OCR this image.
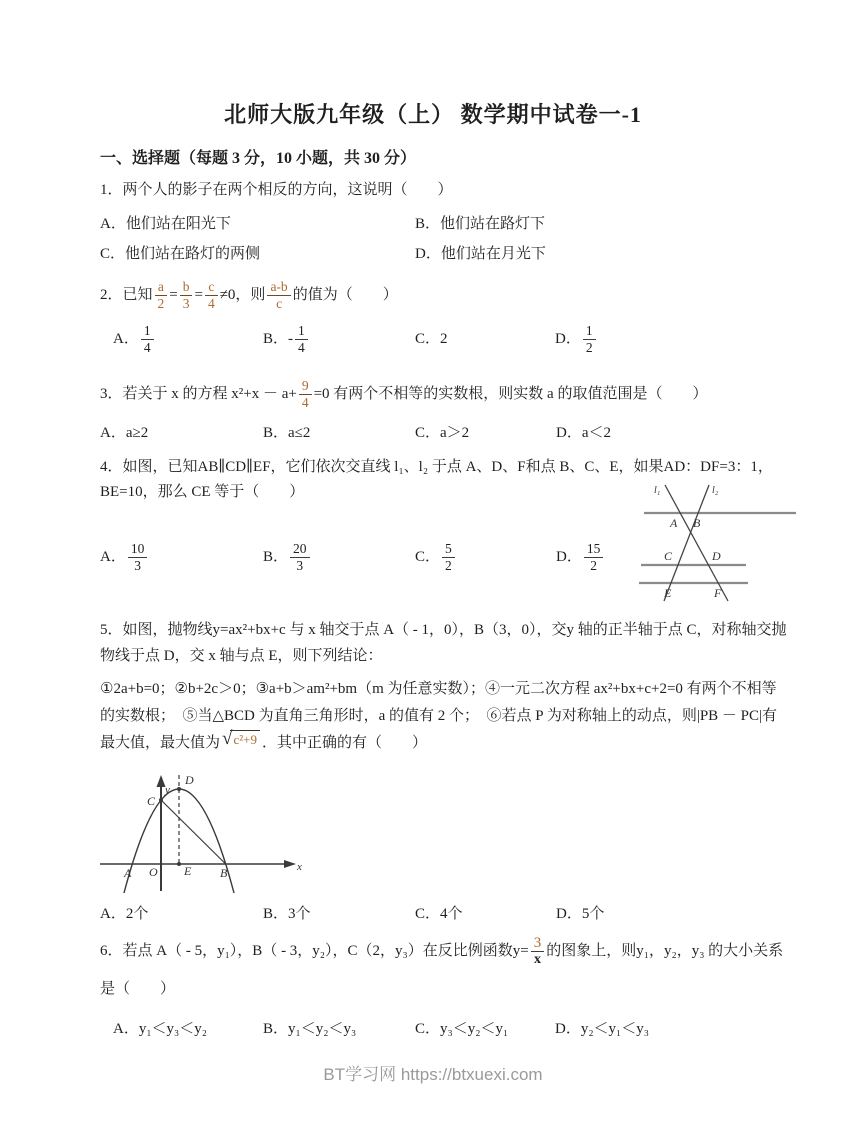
北师大版九年级（上） 数学期中试卷一-1
一、选择题（每题 3 分，10 小题，共 30 分）

1．两个人的影子在两个相反的方向，这说明（　　）

A．他们站在阳光下	B．他们站在路灯下
C．他们站在路灯的两侧	D．他们站在月光下

2．已知 $\frac{a}{2} = \frac{b}{3} = \frac{c}{4} \ne 0$，则 $\frac{a-b}{c}$ 的值为（　　）

A． $\frac{1}{4}$	B．- $\frac{1}{4}$	C．2	D． $\frac{1}{2}$

3．若关于 x 的方程 $x^2+x - a+ \frac{9}{4} =0$ 有两个不相等的实数根，则实数 a 的取值范围是（　　）

A．a≥2	B．a≤2	C．a＞2	D．a＜2

4．如图，已知AB∥CD∥EF，它们依次交直线 l₁、l₂ 于点 A、D、F和点 B、C、E，如果AD：DF=3：1，BE=10，那么 CE 等于（　　）

A． $\frac{10}{3}$	B． $\frac{20}{3}$	C． $\frac{5}{2}$	D． $\frac{15}{2}$
l₁	l₂
A B
C	D
E	F

5．如图，抛物线y=ax²+bx+c 与 x 轴交于点 A（ - 1，0），B（3，0），交y 轴的正半轴于点 C，对称轴交抛物线于点 D，交 x 轴与点 E，则下列结论：

①2a+b=0；②b+2c＞0；③a+b＞am²+bm（m 为任意实数）；④一元二次方程 ax²+bx+c+2=0 有两个不相等的实数根；　⑤当△BCD 为直角三角形时，a 的值有 2 个；　⑥若点 P 为对称轴上的动点，则|PB － PC|有最大值，最大值为 √c²+9 ．其中正确的有（　　）

y
x
D
C
A O E B
A．2个	B．3个	C．4个	D．5个

6．若点 A（ - 5，y₁），B（ - 3，y₂），C（2，y₃）在反比例函数$y= \frac{3}{x}$ 的图象上，则y₁，y₂，y₃ 的大小关系是（　　）

A．y₁＜y₃＜y₂	B．y₁＜y₂＜y₃	C．y₃＜y₂＜y₁	D．y₂＜y₁＜y₃
BT学习网 https://btxuexi.com
